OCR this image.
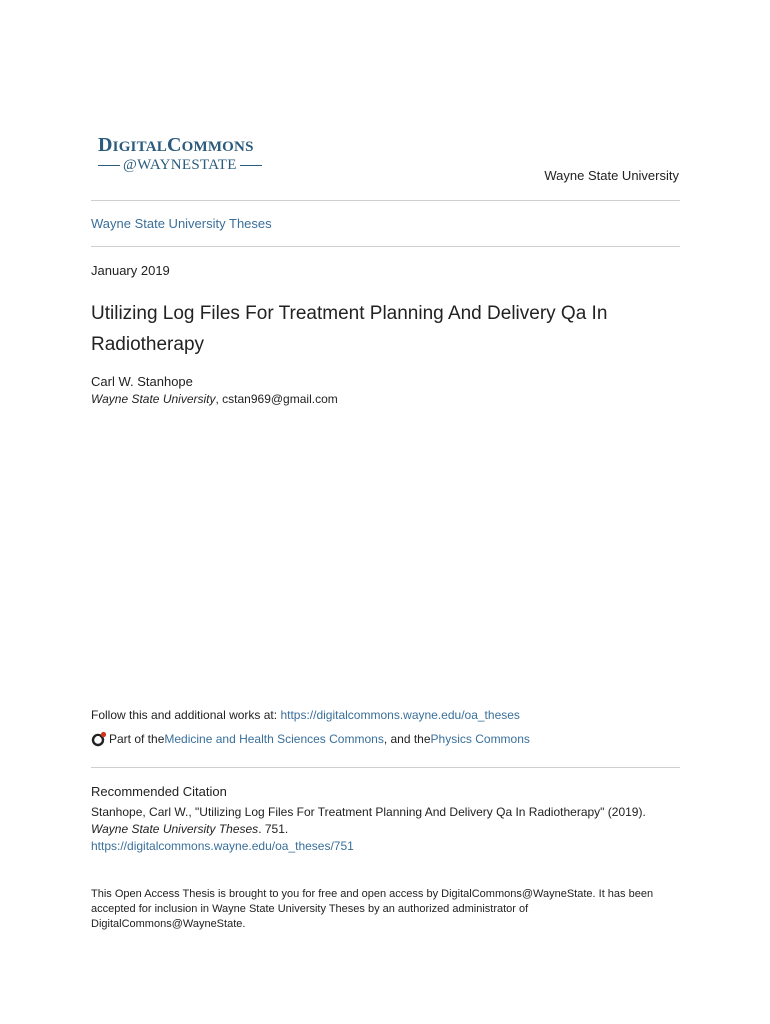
DIGITALCOMMONS
@WAYNESTATE
Wayne State University
Wayne State University Theses
January 2019
Utilizing Log Files For Treatment Planning And Delivery Qa In Radiotherapy
Carl W. Stanhope
Wayne State University, cstan969@gmail.com
Follow this and additional works at: https://digitalcommons.wayne.edu/oa_theses
Part of the Medicine and Health Sciences Commons , and the Physics Commons
Recommended Citation
Stanhope, Carl W., "Utilizing Log Files For Treatment Planning And Delivery Qa In Radiotherapy" (2019).
Wayne State University Theses. 751.
https://digitalcommons.wayne.edu/oa_theses/751
This Open Access Thesis is brought to you for free and open access by DigitalCommons@WayneState. It has been accepted for inclusion in Wayne State University Theses by an authorized administrator of DigitalCommons@WayneState.
